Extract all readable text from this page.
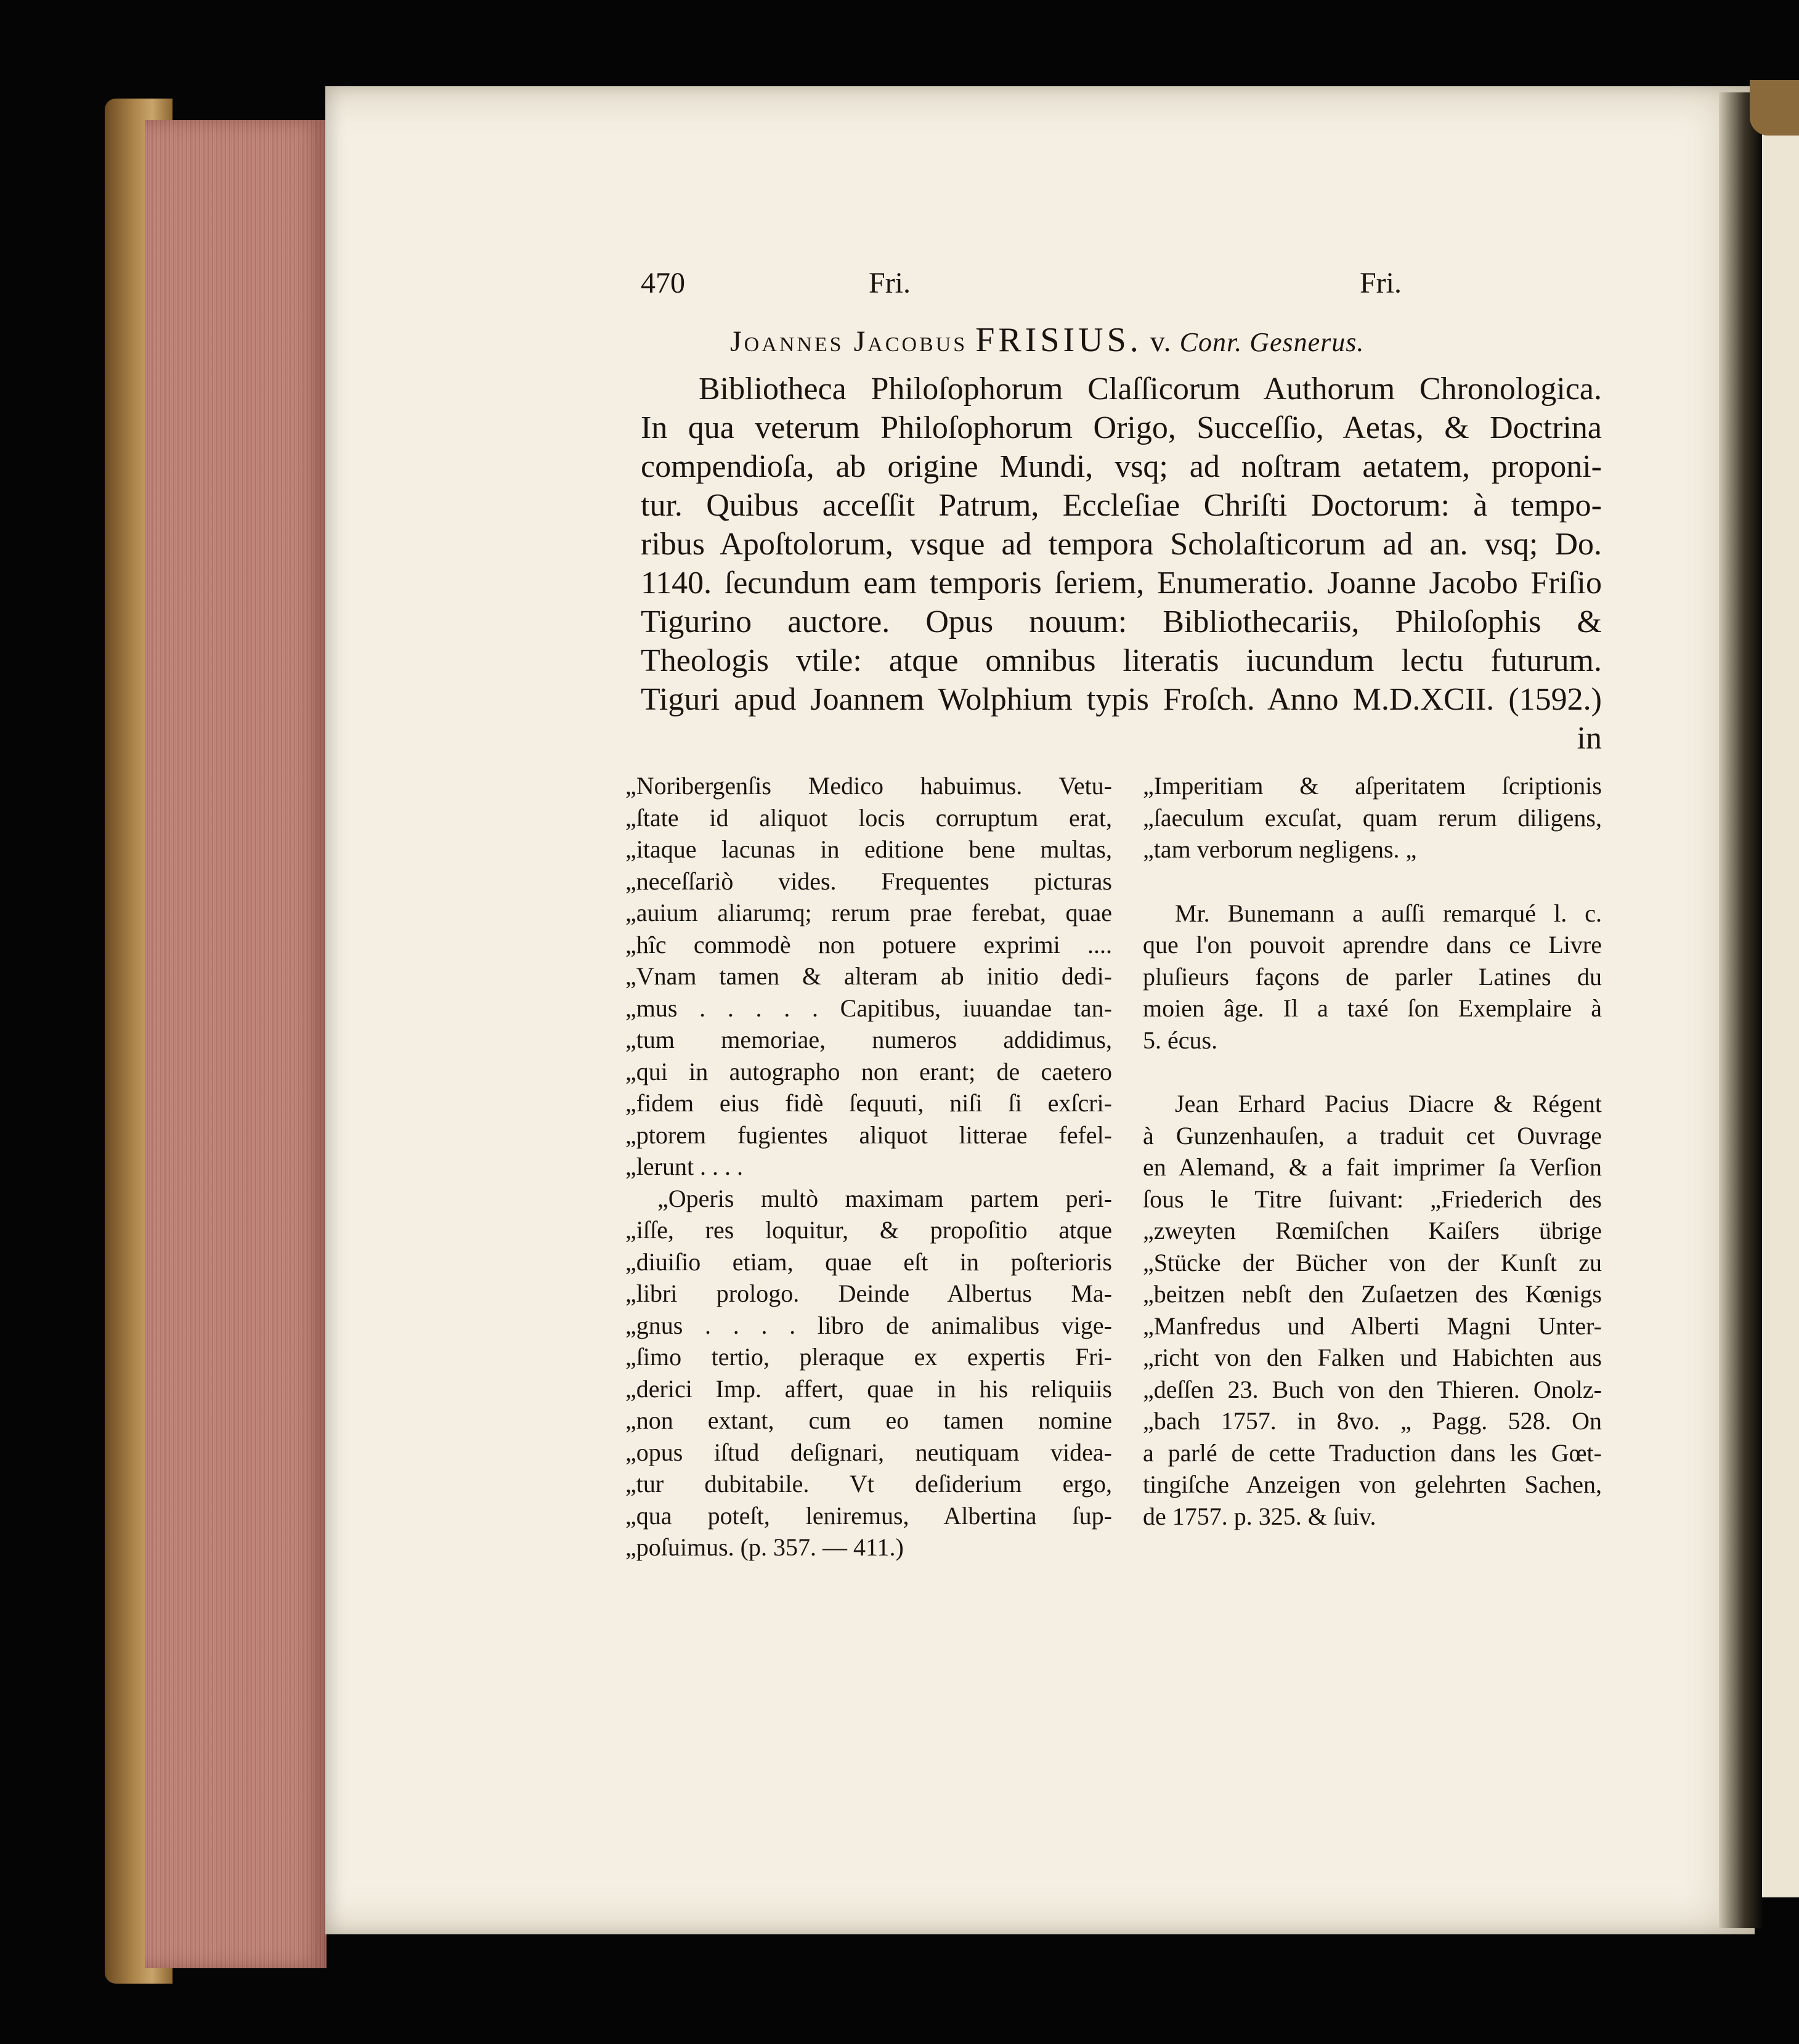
470	Fri.	Fri.
Joannes Jacobus FRISIUS. v. Conr. Gesnerus.
Bibliotheca Philoſophorum Claſſicorum Authorum Chronologica.
In qua veterum Philoſophorum Origo, Succeſſio, Aetas, & Doctrina
compendioſa, ab origine Mundi, vsq; ad noſtram aetatem, proponi-
tur. Quibus acceſſit Patrum, Eccleſiae Chriſti Doctorum: à tempo-
ribus Apoſtolorum, vsque ad tempora Scholaſticorum ad an. vsq; Do.
1140. ſecundum eam temporis ſeriem, Enumeratio. Joanne Jacobo Friſio
Tigurino auctore. Opus nouum: Bibliothecariis, Philoſophis &
Theologis vtile: atque omnibus literatis iucundum lectu futurum.
Tiguri apud Joannem Wolphium typis Froſch. Anno M.D.XCII. (1592.)
in
„Noribergenſis Medico habuimus. Vetu-
„ſtate id aliquot locis corruptum erat,
„itaque lacunas in editione bene multas,
„neceſſariò vides. Frequentes picturas
„auium aliarumq; rerum prae ferebat, quae
„hîc commodè non potuere exprimi ....
„Vnam tamen & alteram ab initio dedi-
„mus . . . . . Capitibus, iuuandae tan-
„tum memoriae, numeros addidimus,
„qui in autographo non erant; de caetero
„fidem eius fidè ſequuti, niſi ſi exſcri-
„ptorem fugientes aliquot litterae fefel-
„lerunt . . . .
„Operis multò maximam partem peri-
„iſſe, res loquitur, & propoſitio atque
„diuiſio etiam, quae eſt in poſterioris
„libri prologo. Deinde Albertus Ma-
„gnus . . . . libro de animalibus vige-
„ſimo tertio, pleraque ex expertis Fri-
„derici Imp. affert, quae in his reliquiis
„non extant, cum eo tamen nomine
„opus iſtud deſignari, neutiquam videa-
„tur dubitabile. Vt deſiderium ergo,
„qua poteſt, leniremus, Albertina ſup-
„poſuimus. (p. 357. — 411.)
„Imperitiam & aſperitatem ſcriptionis
„ſaeculum excuſat, quam rerum diligens,
„tam verborum negligens. „
Mr. Bunemann a auſſi remarqué l. c.
que l'on pouvoit aprendre dans ce Livre
pluſieurs façons de parler Latines du
moien âge. Il a taxé ſon Exemplaire à
5. écus.
Jean Erhard Pacius Diacre & Régent
à Gunzenhauſen, a traduit cet Ouvrage
en Alemand, & a fait imprimer ſa Verſion
ſous le Titre ſuivant: „Friederich des
„zweyten Rœmiſchen Kaiſers übrige
„Stücke der Bücher von der Kunſt zu
„beitzen nebſt den Zuſaetzen des Kœnigs
„Manfredus und Alberti Magni Unter-
„richt von den Falken und Habichten aus
„deſſen 23. Buch von den Thieren. Onolz-
„bach 1757. in 8vo. „ Pagg. 528. On
a parlé de cette Traduction dans les Gœt-
tingiſche Anzeigen von gelehrten Sachen,
de 1757. p. 325. & ſuiv.
